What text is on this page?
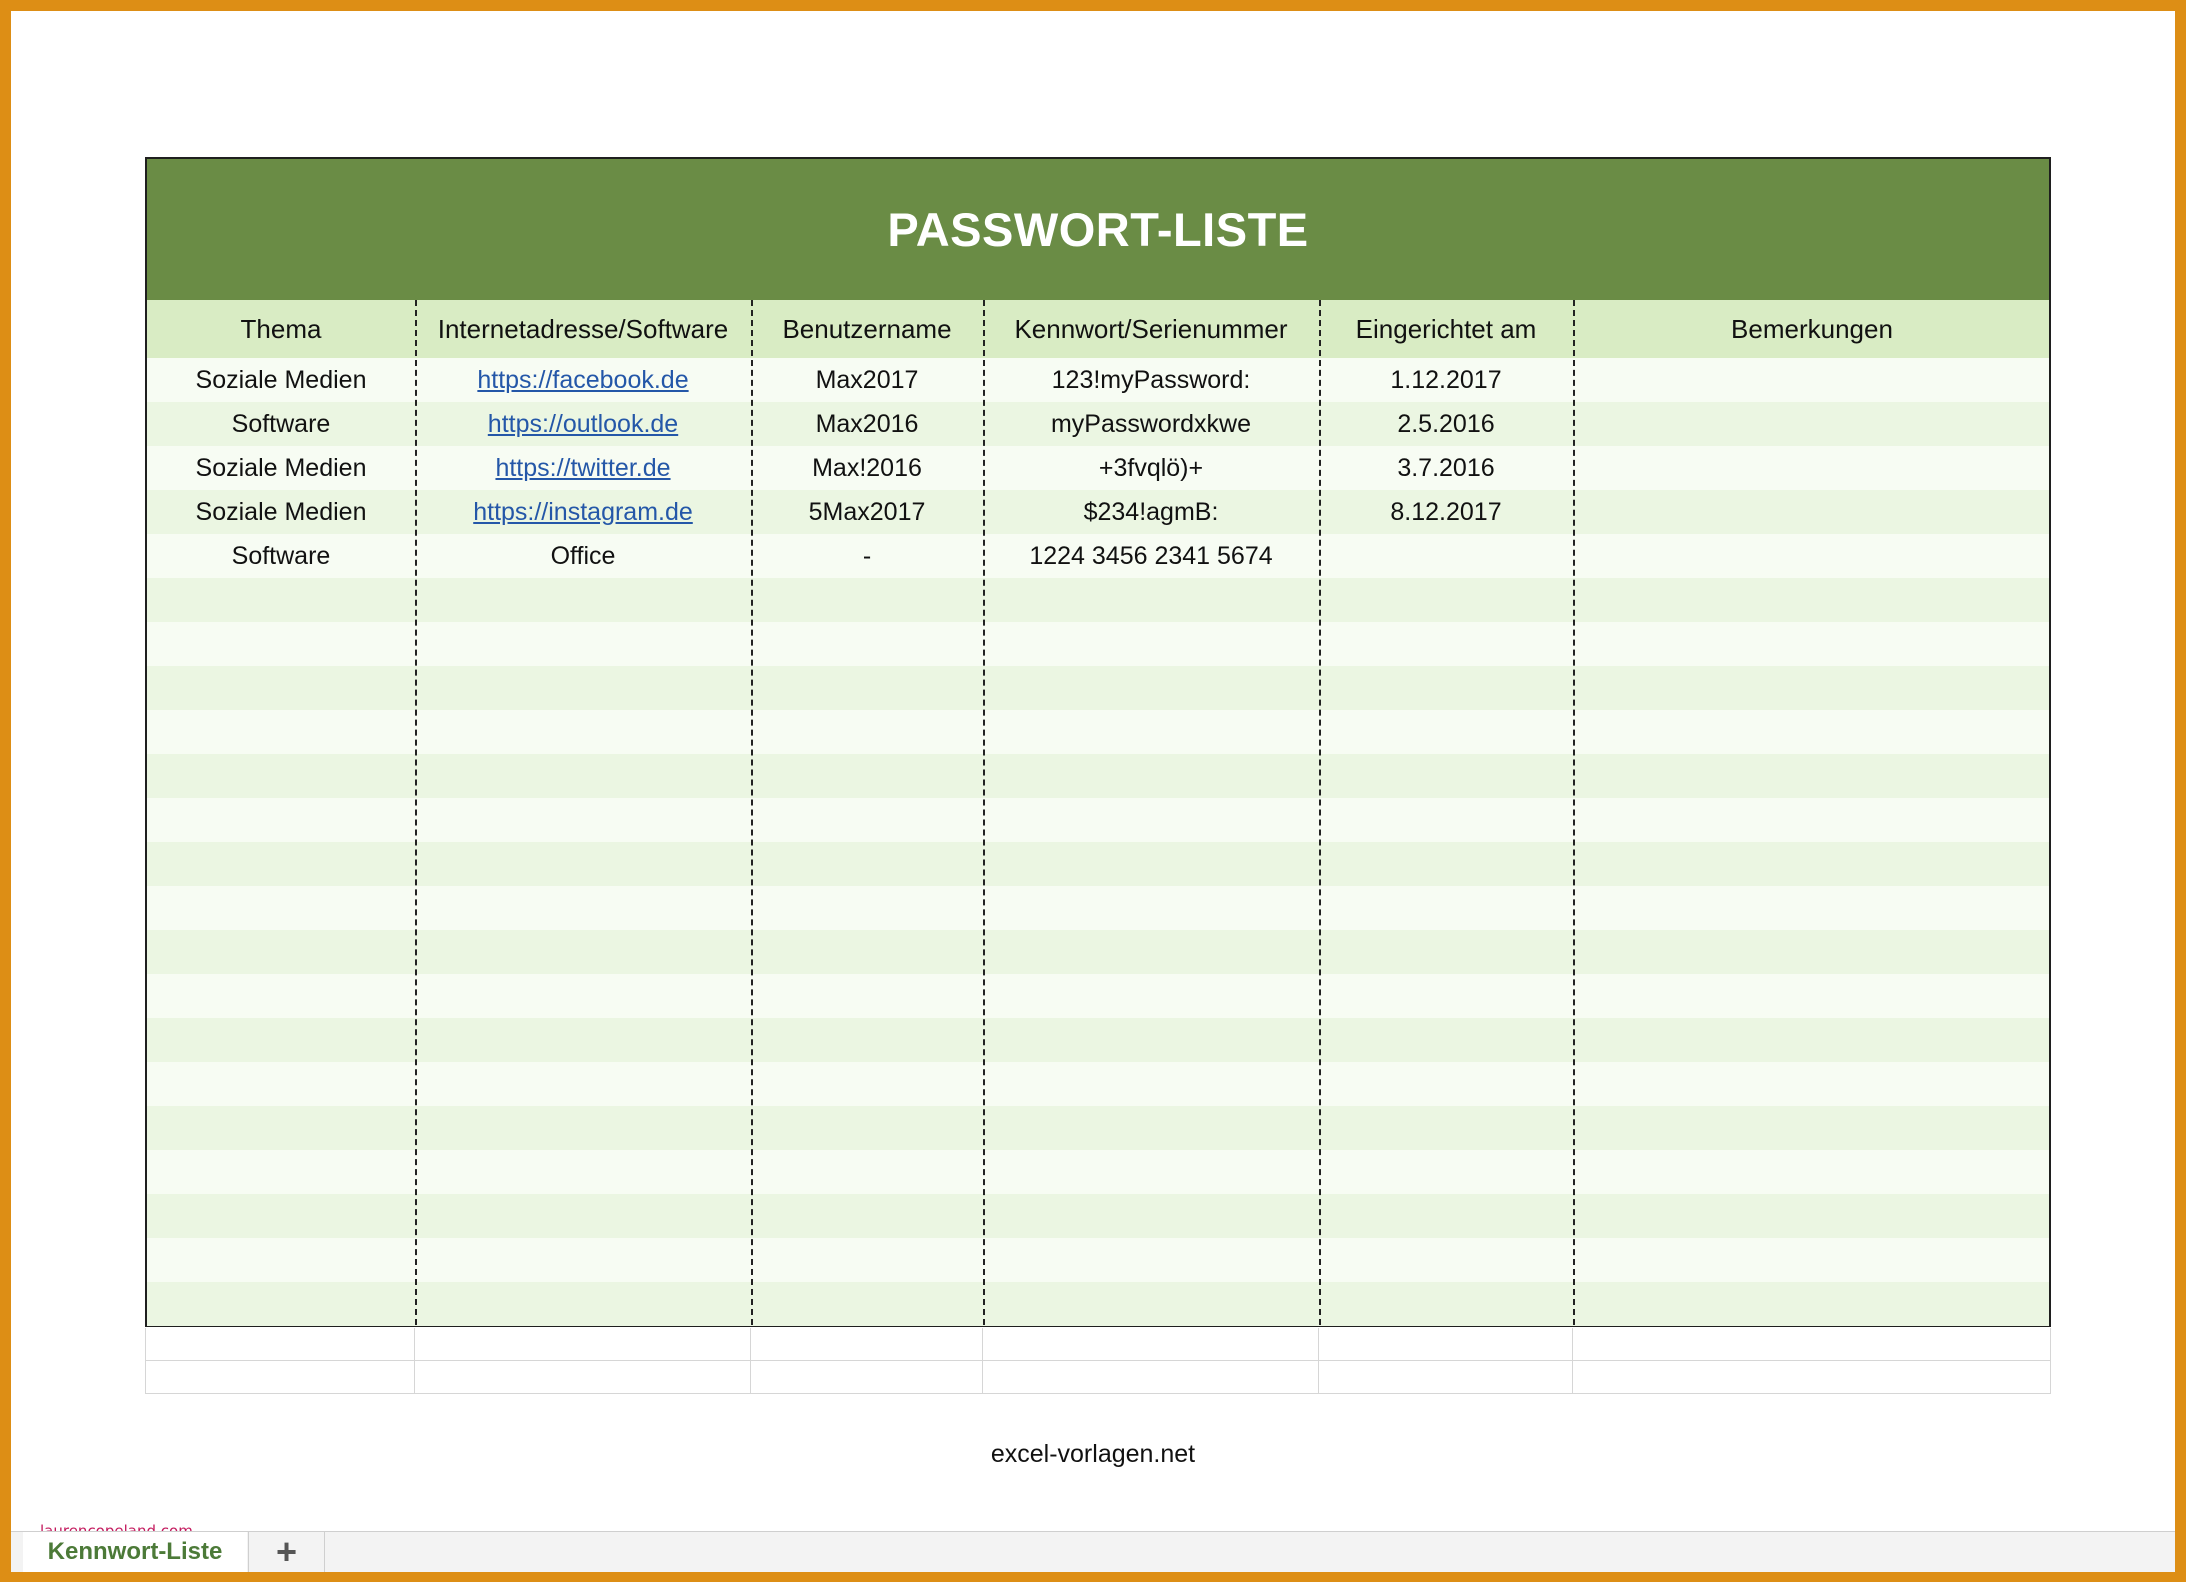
PASSWORT-LISTE
Thema	Internetadresse/Software	Benutzername	Kennwort/Serienummer	Eingerichtet am	Bemerkungen
Soziale Medien	https://facebook.de	Max2017	123!myPassword:	1.12.2017
Software	https://outlook.de	Max2016	myPasswordxkwe	2.5.2016
Soziale Medien	https://twitter.de	Max!2016	+3fvqlö)+	3.7.2016
Soziale Medien	https://instagram.de	5Max2017	$234!agmB:	8.12.2017
Software	Office	-	1224 3456 2341 5674
excel-vorlagen.net
Kennwort-Liste	+
